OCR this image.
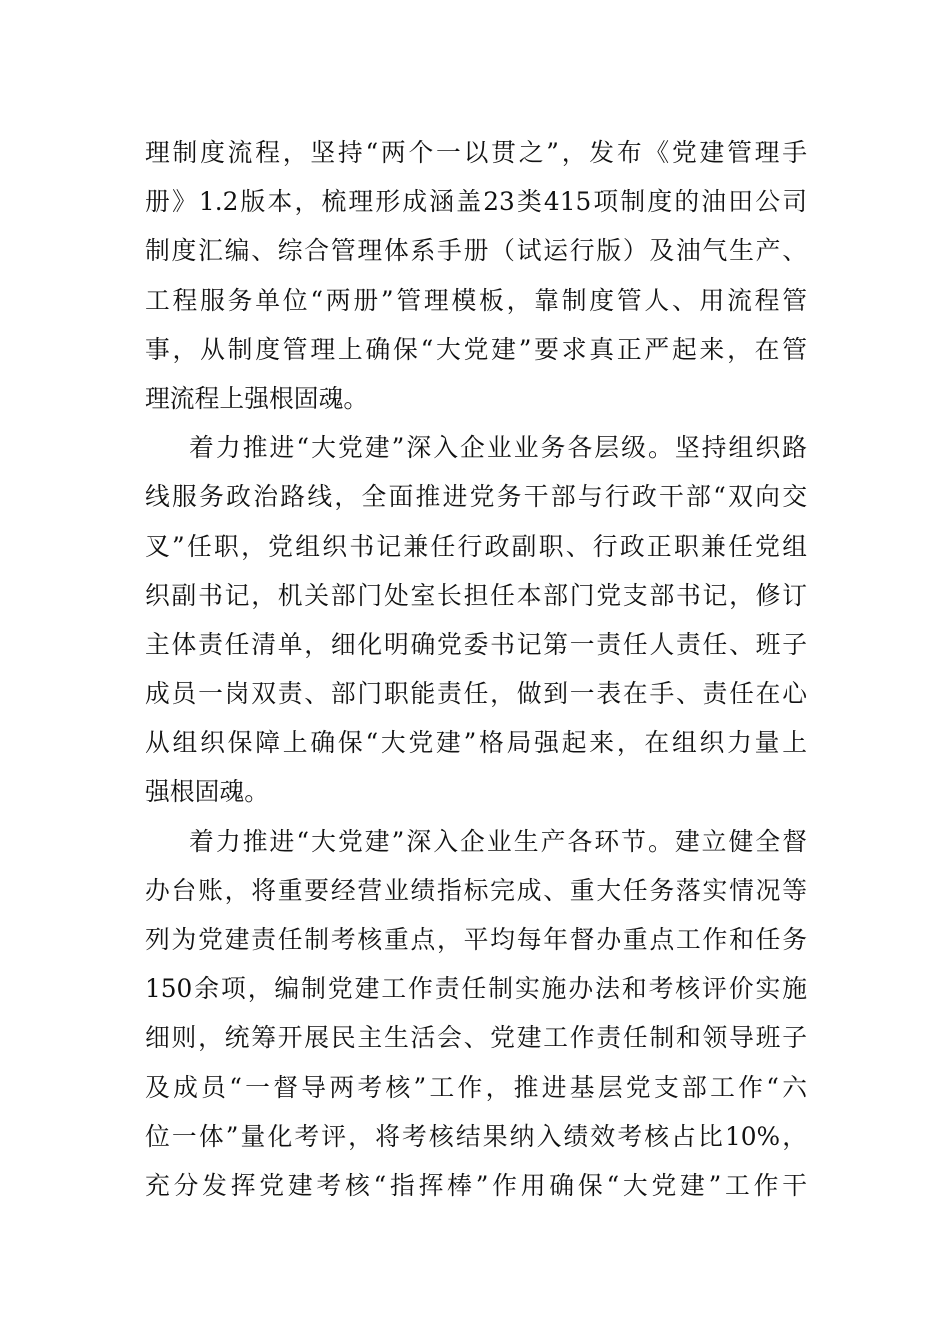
理制度流程，坚持“两个一以贯之”，发布《党建管理手
册》1.2版本，梳理形成涵盖23类415项制度的油田公司
制度汇编、综合管理体系手册（试运行版）及油气生产、
工程服务单位“两册”管理模板，靠制度管人、用流程管
事，从制度管理上确保“大党建”要求真正严起来，在管
理流程上强根固魂。
着力推进“大党建”深入企业业务各层级。坚持组织路
线服务政治路线，全面推进党务干部与行政干部“双向交
叉”任职，党组织书记兼任行政副职、行政正职兼任党组
织副书记，机关部门处室长担任本部门党支部书记，修订
主体责任清单，细化明确党委书记第一责任人责任、班子
成员一岗双责、部门职能责任，做到一表在手、责任在心
从组织保障上确保“大党建”格局强起来，在组织力量上
强根固魂。
着力推进“大党建”深入企业生产各环节。建立健全督
办台账，将重要经营业绩指标完成、重大任务落实情况等
列为党建责任制考核重点，平均每年督办重点工作和任务
150余项，编制党建工作责任制实施办法和考核评价实施
细则，统筹开展民主生活会、党建工作责任制和领导班子
及成员“一督导两考核”工作，推进基层党支部工作“六
位一体”量化考评，将考核结果纳入绩效考核占比10%，
充分发挥党建考核“指挥棒”作用确保“大党建”工作干
